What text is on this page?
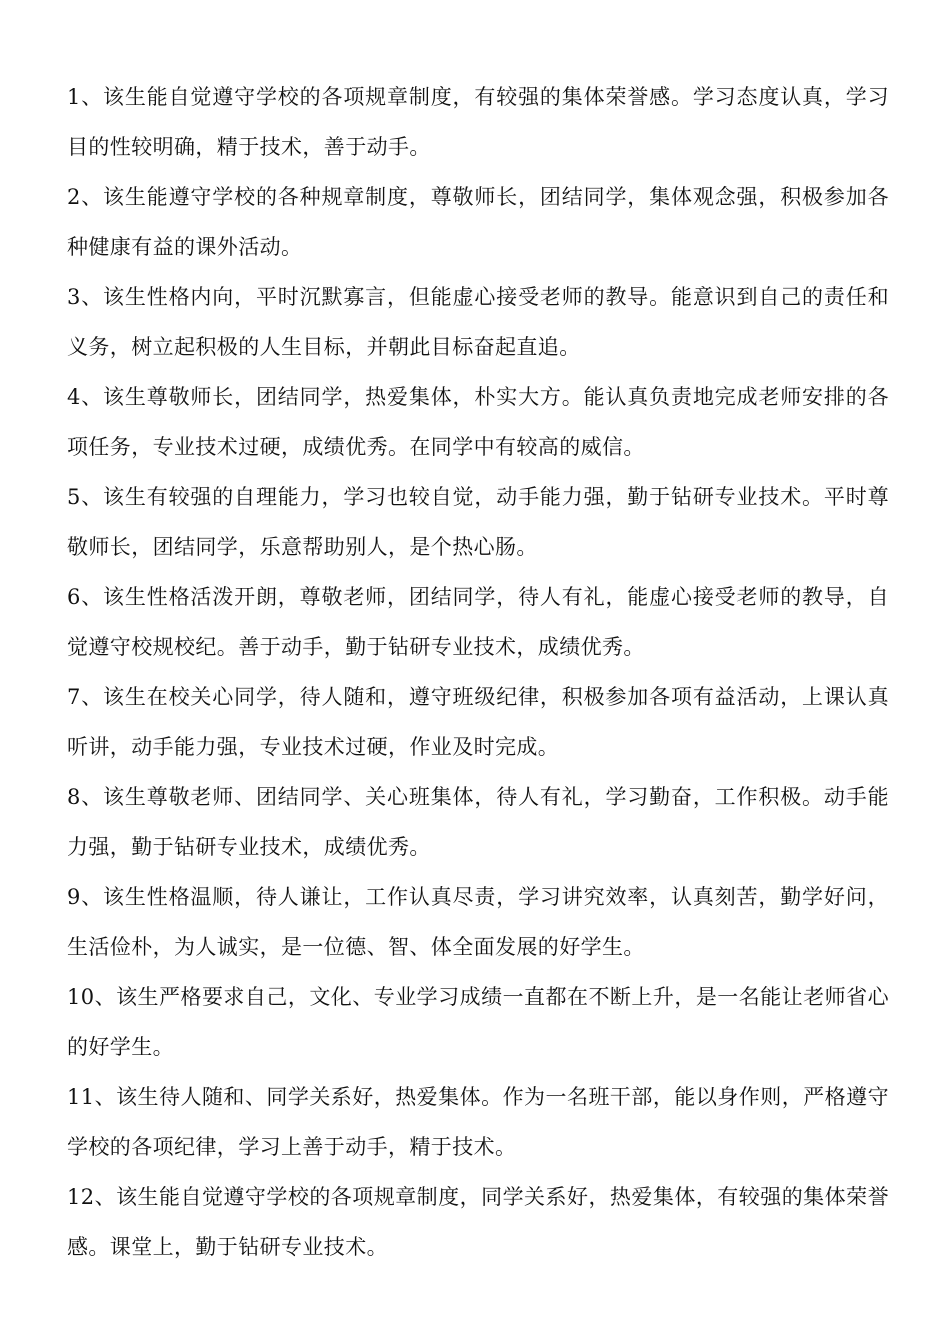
1、该生能自觉遵守学校的各项规章制度，有较强的集体荣誉感。学习态度认真，学习目的性较明确，精于技术，善于动手。

2、该生能遵守学校的各种规章制度，尊敬师长，团结同学，集体观念强，积极参加各种健康有益的课外活动。

3、该生性格内向，平时沉默寡言，但能虚心接受老师的教导。能意识到自己的责任和义务，树立起积极的人生目标，并朝此目标奋起直追。

4、该生尊敬师长，团结同学，热爱集体，朴实大方。能认真负责地完成老师安排的各项任务，专业技术过硬，成绩优秀。在同学中有较高的威信。

5、该生有较强的自理能力，学习也较自觉，动手能力强，勤于钻研专业技术。平时尊敬师长，团结同学，乐意帮助别人，是个热心肠。

6、该生性格活泼开朗，尊敬老师，团结同学，待人有礼，能虚心接受老师的教导，自觉遵守校规校纪。善于动手，勤于钻研专业技术，成绩优秀。

7、该生在校关心同学，待人随和，遵守班级纪律，积极参加各项有益活动，上课认真听讲，动手能力强，专业技术过硬，作业及时完成。

8、该生尊敬老师、团结同学、关心班集体，待人有礼，学习勤奋，工作积极。动手能力强，勤于钻研专业技术，成绩优秀。

9、该生性格温顺，待人谦让，工作认真尽责，学习讲究效率，认真刻苦，勤学好问，生活俭朴，为人诚实，是一位德、智、体全面发展的好学生。

10、该生严格要求自己，文化、专业学习成绩一直都在不断上升，是一名能让老师省心的好学生。

11、该生待人随和、同学关系好，热爱集体。作为一名班干部，能以身作则，严格遵守学校的各项纪律，学习上善于动手，精于技术。

12、该生能自觉遵守学校的各项规章制度，同学关系好，热爱集体，有较强的集体荣誉感。课堂上，勤于钻研专业技术。
